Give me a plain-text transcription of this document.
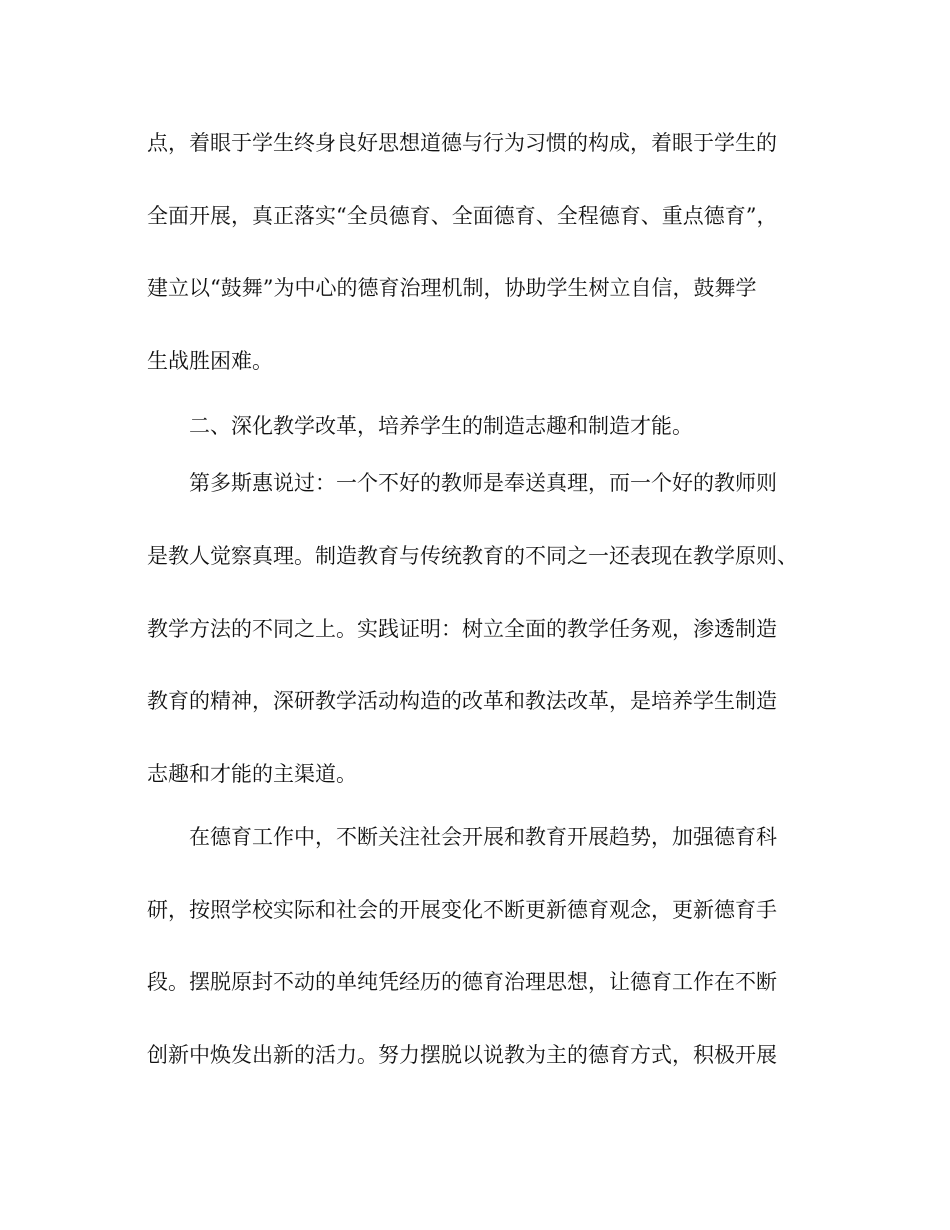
点，着眼于学生终身良好思想道德与行为习惯的构成，着眼于学生的
全面开展，真正落实“全员德育、全面德育、全程德育、重点德育”，
建立以“鼓舞”为中心的德育治理机制，协助学生树立自信，鼓舞学
生战胜困难。
二、深化教学改革，培养学生的制造志趣和制造才能。
第多斯惠说过：一个不好的教师是奉送真理，而一个好的教师则
是教人觉察真理。制造教育与传统教育的不同之一还表现在教学原则、
教学方法的不同之上。实践证明：树立全面的教学任务观，渗透制造
教育的精神，深研教学活动构造的改革和教法改革，是培养学生制造
志趣和才能的主渠道。
在德育工作中，不断关注社会开展和教育开展趋势，加强德育科
研，按照学校实际和社会的开展变化不断更新德育观念，更新德育手
段。摆脱原封不动的单纯凭经历的德育治理思想，让德育工作在不断
创新中焕发出新的活力。努力摆脱以说教为主的德育方式，积极开展
